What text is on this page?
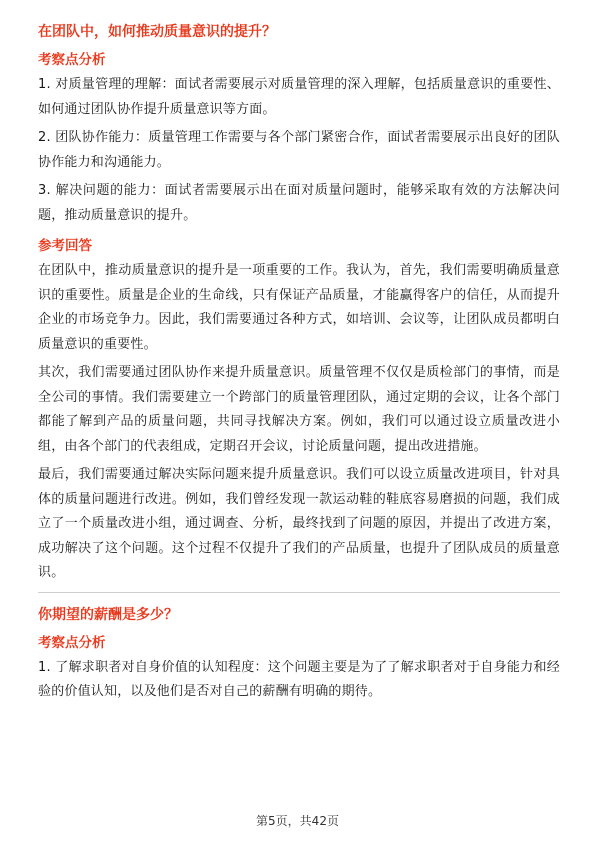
在团队中，如何推动质量意识的提升？
考察点分析

1. 对质量管理的理解：面试者需要展示对质量管理的深入理解，包括质量意识的重要性、如何通过团队协作提升质量意识等方面。

2. 团队协作能力：质量管理工作需要与各个部门紧密合作，面试者需要展示出良好的团队协作能力和沟通能力。

3. 解决问题的能力：面试者需要展示出在面对质量问题时，能够采取有效的方法解决问题，推动质量意识的提升。

参考回答

在团队中，推动质量意识的提升是一项重要的工作。我认为，首先，我们需要明确质量意识的重要性。质量是企业的生命线，只有保证产品质量，才能赢得客户的信任，从而提升企业的市场竞争力。因此，我们需要通过各种方式，如培训、会议等，让团队成员都明白质量意识的重要性。

其次，我们需要通过团队协作来提升质量意识。质量管理不仅仅是质检部门的事情，而是全公司的事情。我们需要建立一个跨部门的质量管理团队，通过定期的会议，让各个部门都能了解到产品的质量问题，共同寻找解决方案。例如，我们可以通过设立质量改进小组，由各个部门的代表组成，定期召开会议，讨论质量问题，提出改进措施。

最后，我们需要通过解决实际问题来提升质量意识。我们可以设立质量改进项目，针对具体的质量问题进行改进。例如，我们曾经发现一款运动鞋的鞋底容易磨损的问题，我们成立了一个质量改进小组，通过调查、分析，最终找到了问题的原因，并提出了改进方案，成功解决了这个问题。这个过程不仅提升了我们的产品质量，也提升了团队成员的质量意识。

你期望的薪酬是多少？
考察点分析

1. 了解求职者对自身价值的认知程度：这个问题主要是为了了解求职者对于自身能力和经验的价值认知，以及他们是否对自己的薪酬有明确的期待。

第5页，共42页
